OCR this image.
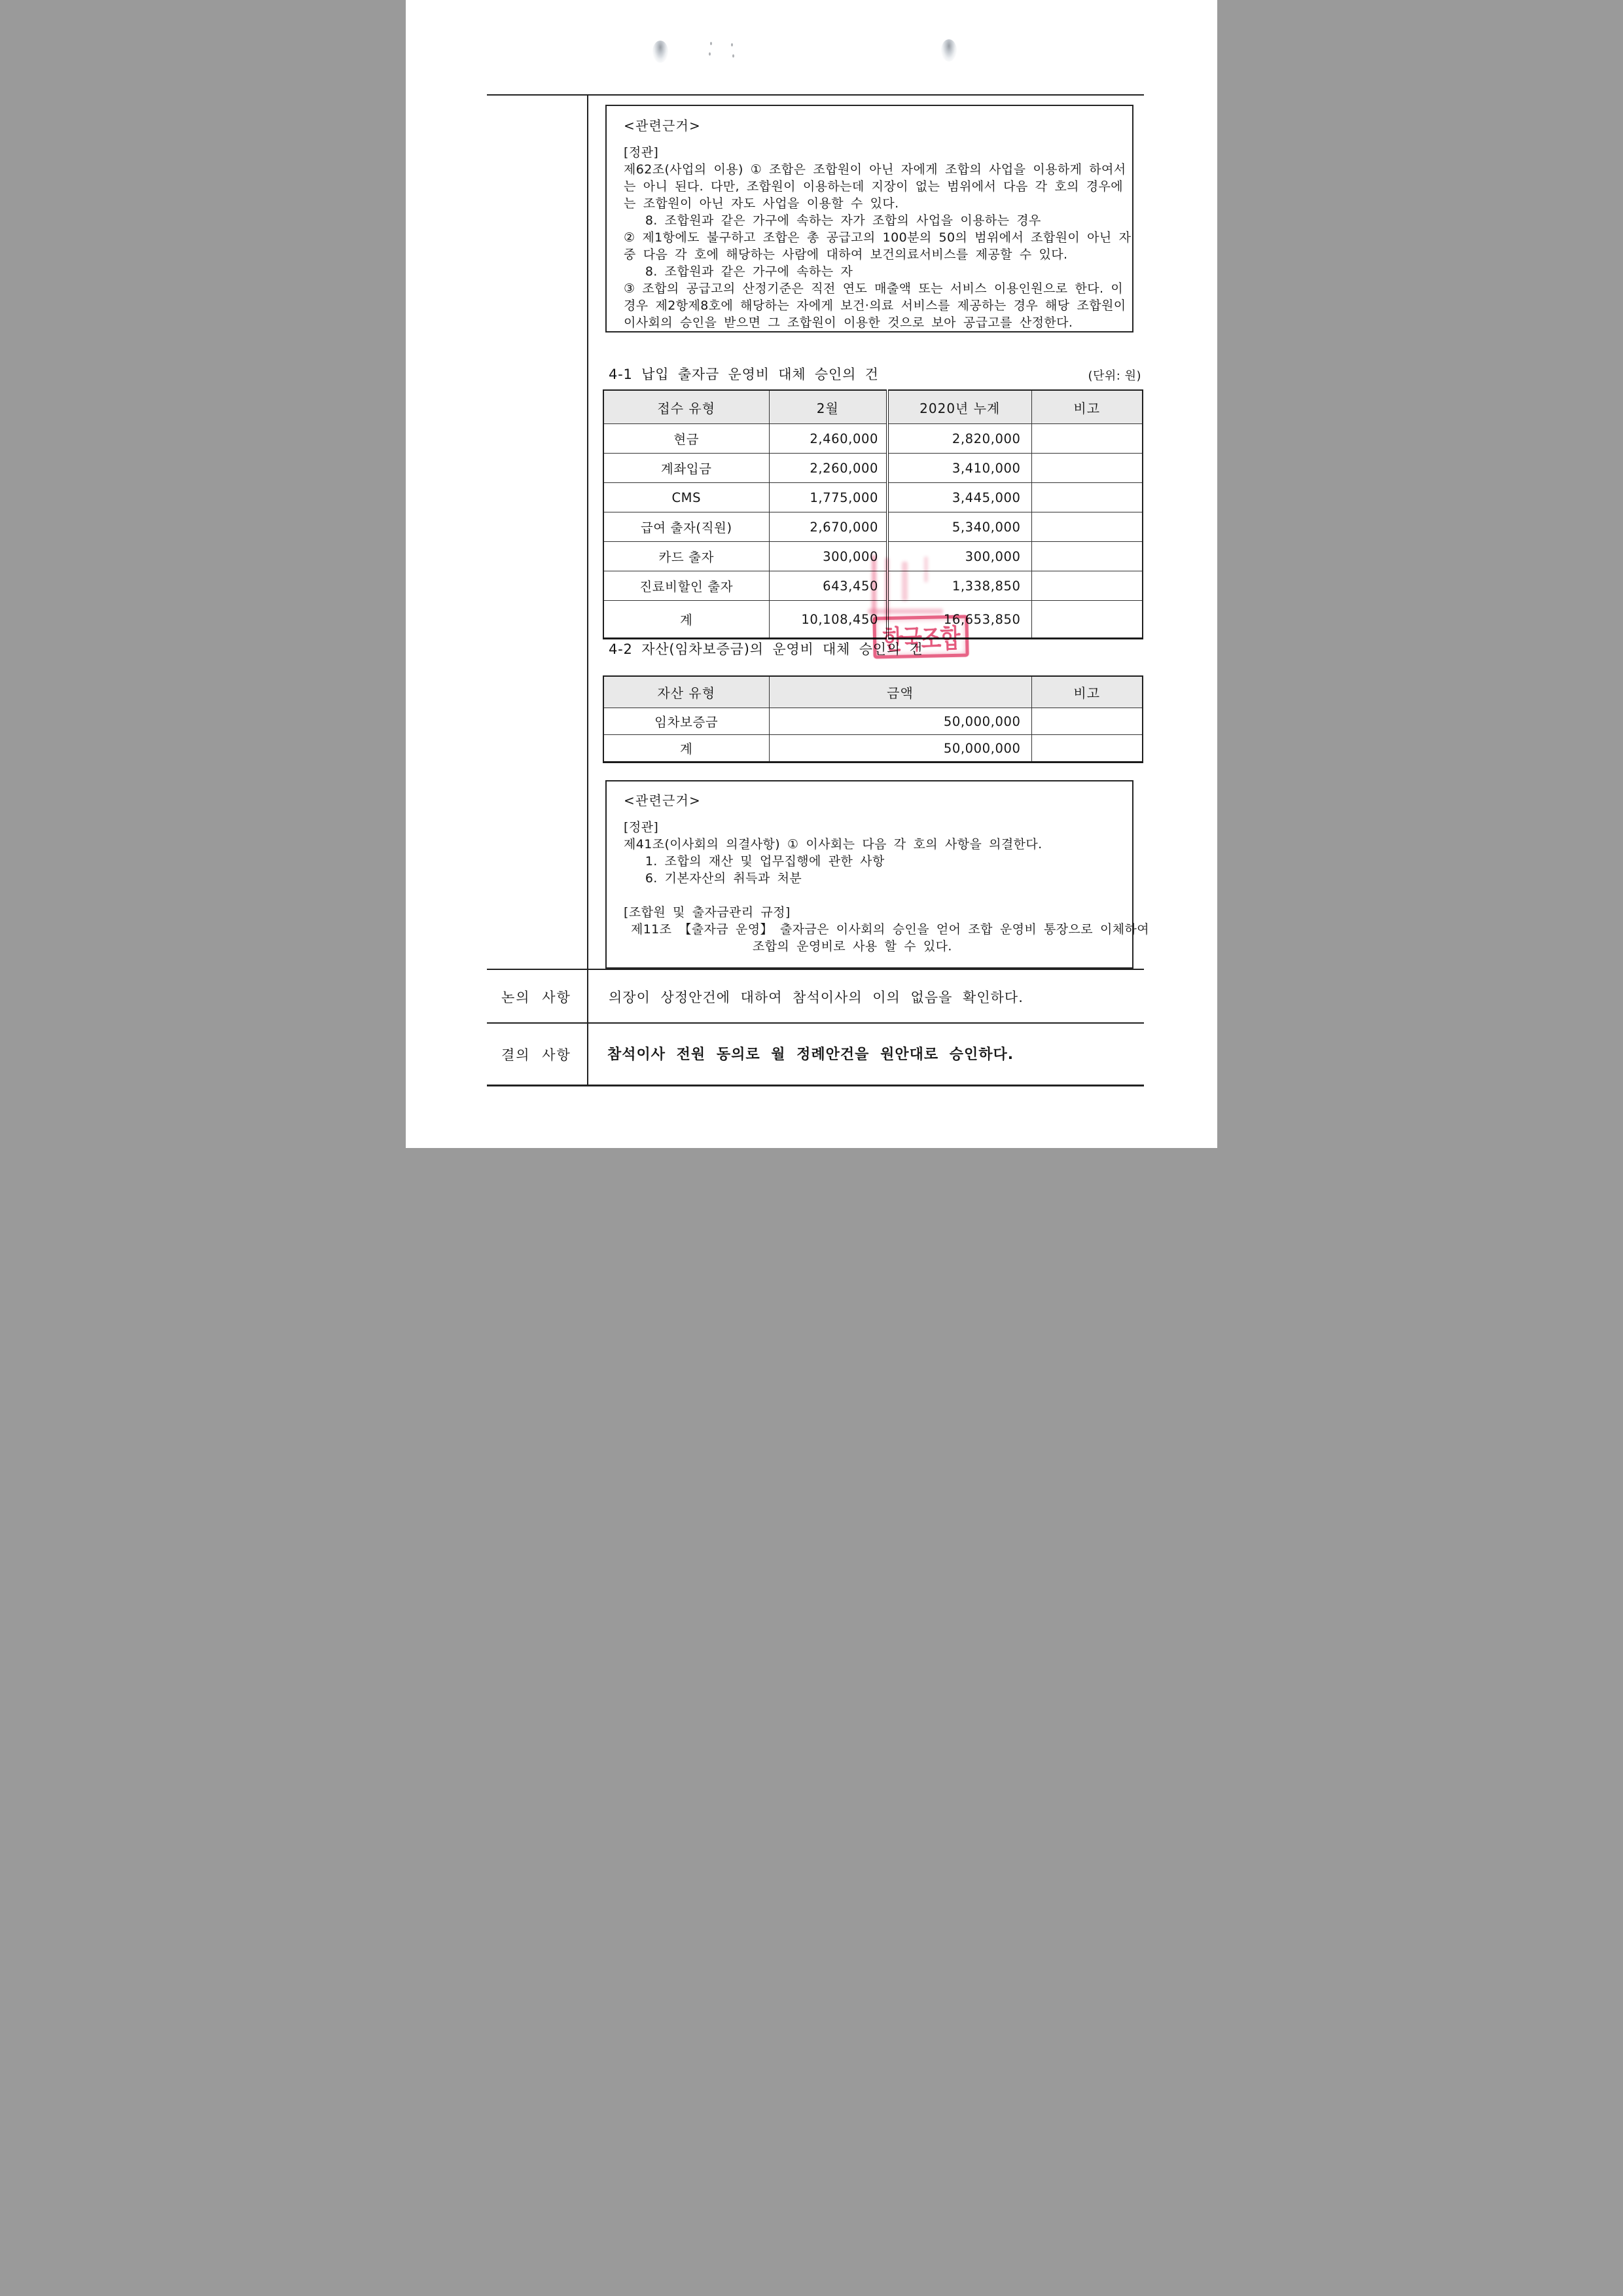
<관련근거>
[정관]
제62조(사업의 이용) ① 조합은 조합원이 아닌 자에게 조합의 사업을 이용하게 하여서
는 아니 된다. 다만, 조합원이 이용하는데 지장이 없는 범위에서 다음 각 호의 경우에
는 조합원이 아닌 자도 사업을 이용할 수 있다.
8. 조합원과 같은 가구에 속하는 자가 조합의 사업을 이용하는 경우
② 제1항에도 불구하고 조합은 총 공급고의 100분의 50의 범위에서 조합원이 아닌 자
중 다음 각 호에 해당하는 사람에 대하여 보건의료서비스를 제공할 수 있다.
8. 조합원과 같은 가구에 속하는 자
③ 조합의 공급고의 산정기준은 직전 연도 매출액 또는 서비스 이용인원으로 한다. 이
경우 제2항제8호에 해당하는 자에게 보건·의료 서비스를 제공하는 경우 해당 조합원이
이사회의 승인을 받으면 그 조합원이 이용한 것으로 보아 공급고를 산정한다.
4-1 납입 출자금 운영비 대체 승인의 건	(단위: 원)
접수 유형	2월	2020년 누계	비고
현금	2,460,000	2,820,000	
계좌입금	2,260,000	3,410,000	
CMS	1,775,000	3,445,000	
급여 출자(직원)	2,670,000	5,340,000	
카드 출자	300,000	300,000	
진료비할인 출자	643,450	1,338,850	
계	10,108,450	16,653,850	
4-2 자산(임차보증금)의 운영비 대체 승인의 건
자산 유형	금액	비고
임차보증금	50,000,000	
계	50,000,000	
<관련근거>
[정관]
제41조(이사회의 의결사항) ① 이사회는 다음 각 호의 사항을 의결한다.
1. 조합의 재산 및 업무집행에 관한 사항
6. 기본자산의 취득과 처분

[조합원 및 출자금관리 규정]
제11조 【출자금 운영】 출자금은 이사회의 승인을 얻어 조합 운영비 통장으로 이체하여
조합의 운영비로 사용 할 수 있다.
논의 사항	의장이 상정안건에 대하여 참석이사의 이의 없음을 확인하다.
결의 사항	참석이사 전원 동의로 월 정례안건을 원안대로 승인하다.
한국조합
